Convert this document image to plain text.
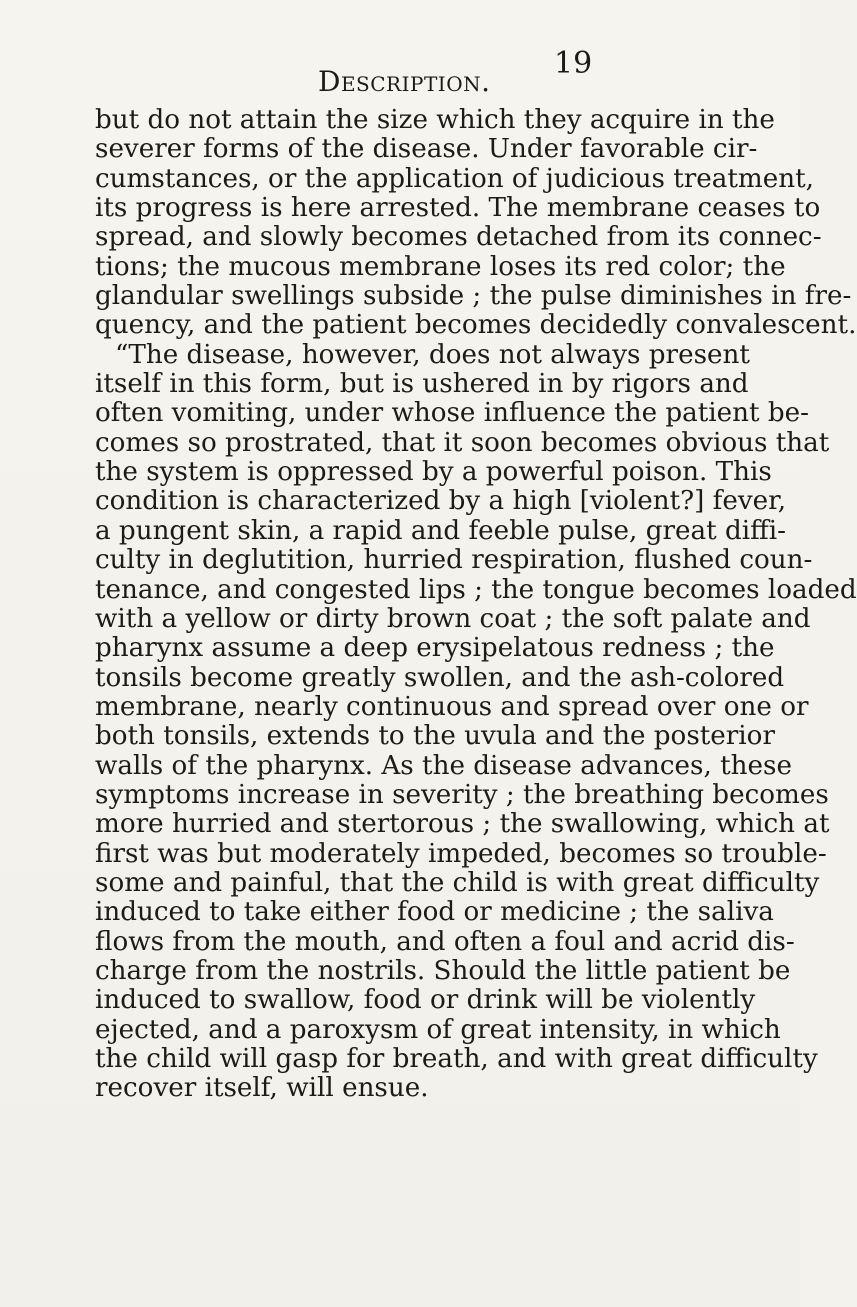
Description.
19
but do not attain the size which they acquire in the
severer forms of the disease. Under favorable cir-
cumstances, or the application of judicious treatment,
its progress is here arrested. The membrane ceases to
spread, and slowly becomes detached from its connec-
tions; the mucous membrane loses its red color; the
glandular swellings subside ; the pulse diminishes in fre-
quency, and the patient becomes decidedly convalescent.
“The disease, however, does not always present
itself in this form, but is ushered in by rigors and
often vomiting, under whose influence the patient be-
comes so prostrated, that it soon becomes obvious that
the system is oppressed by a powerful poison. This
condition is characterized by a high [violent?] fever,
a pungent skin, a rapid and feeble pulse, great diffi-
culty in deglutition, hurried respiration, flushed coun-
tenance, and congested lips ; the tongue becomes loaded
with a yellow or dirty brown coat ; the soft palate and
pharynx assume a deep erysipelatous redness ; the
tonsils become greatly swollen, and the ash-colored
membrane, nearly continuous and spread over one or
both tonsils, extends to the uvula and the posterior
walls of the pharynx. As the disease advances, these
symptoms increase in severity ; the breathing becomes
more hurried and stertorous ; the swallowing, which at
first was but moderately impeded, becomes so trouble-
some and painful, that the child is with great difficulty
induced to take either food or medicine ; the saliva
flows from the mouth, and often a foul and acrid dis-
charge from the nostrils. Should the little patient be
induced to swallow, food or drink will be violently
ejected, and a paroxysm of great intensity, in which
the child will gasp for breath, and with great difficulty
recover itself, will ensue.
